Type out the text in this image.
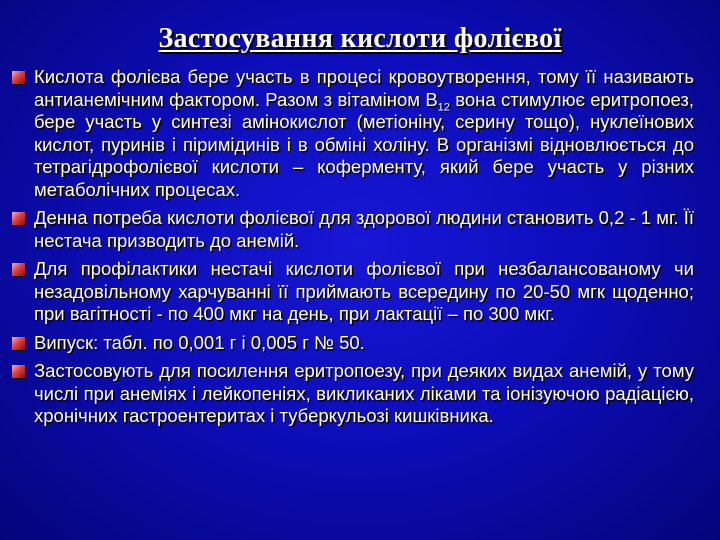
Застосування кислоти фолієвої
Кислота фолієва бере участь в процесі кровоутворення, тому її називають антианемічним фактором. Разом з вітаміном $В_{12}$ вона стимулює еритропоез, бере участь у синтезі амінокислот (метіоніну, серину тощо), нуклеїнових кислот, пуринів і піримідинів і в обміні холіну. В організмі відновлюється до тетрагідрофолієвої кислоти – коферменту, який бере участь у різних метаболічних процесах.
Денна потреба кислоти фолієвої для здорової людини становить 0,2 - 1 мг. Її нестача призводить до анемій.
Для профілактики нестачі кислоти фолієвої при незбалансованому чи незадовільному харчуванні її приймають всередину по 20-50 мгк щоденно; при вагітності - по 400 мкг на день, при лактації – по 300 мкг.
Випуск: табл. по 0,001 г і 0,005 г № 50.
Застосовують для посилення еритропоезу, при деяких видах анемій, у тому числі при анеміях і лейкопеніях, викликаних ліками та іонізуючою радіацією, хронічних гастроентеритах і туберкульозі кишківника.
